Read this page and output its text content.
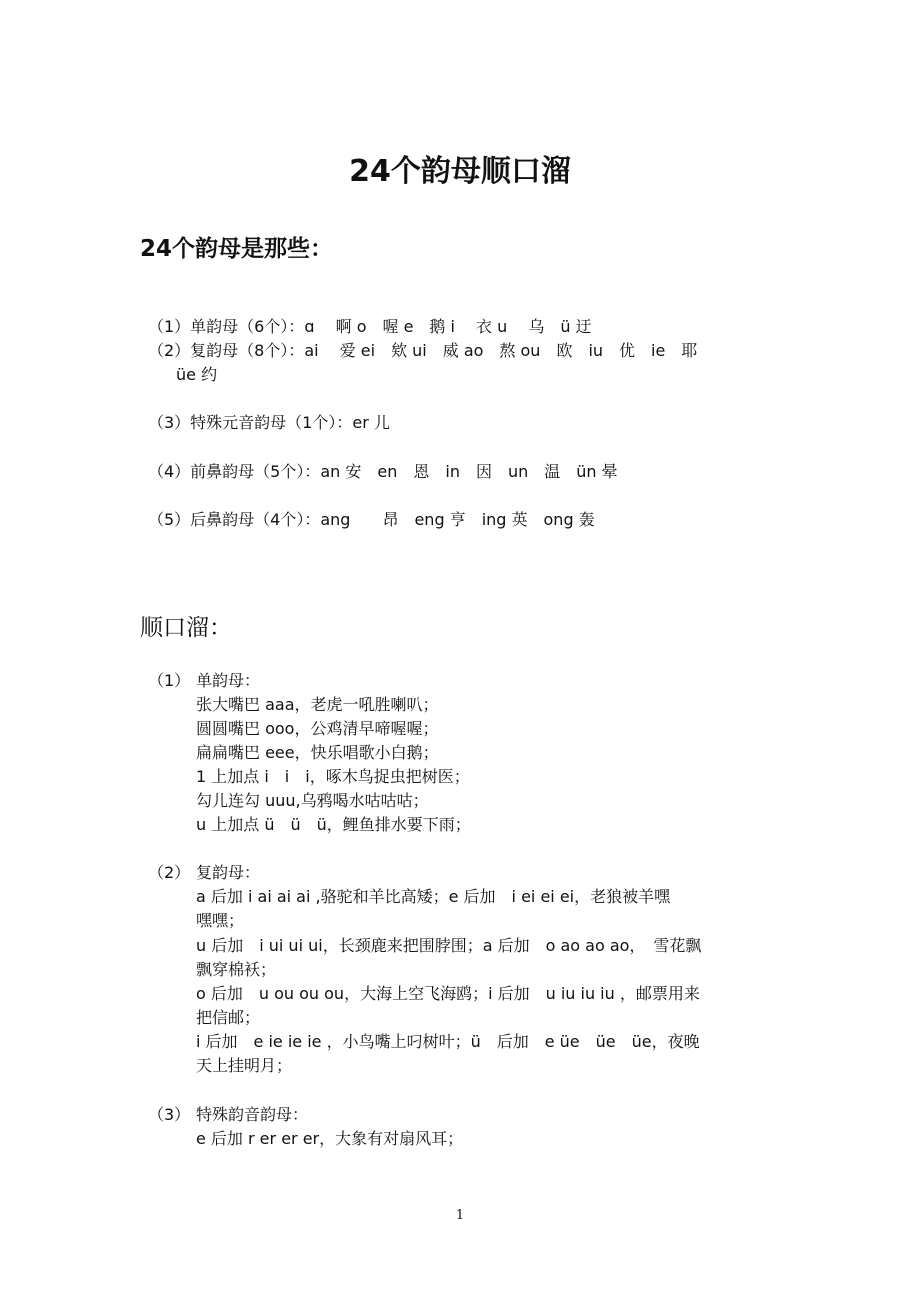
24个韵母顺口溜
24个韵母是那些：
（1）单韵母（6个）：ɑ　 啊 o　喔 e　鹅 i　 衣 u　 乌　ü 迂
（2）复韵母（8个）：ai　 爱 ei　欸 ui　威 ao　熬 ou　欧　iu　优　ie　耶
üe 约
（3）特殊元音韵母（1个）：er 儿
（4）前鼻韵母（5个）：an 安　en　恩　in　因　un　温　ün 晕
（5）后鼻韵母（4个）：ang　　昂　eng 亨　ing 英　ong 轰
顺口溜：
（1） 单韵母：
张大嘴巴 aaa，老虎一吼胜喇叭；
圆圆嘴巴 ooo，公鸡清早啼喔喔；
扁扁嘴巴 eee，快乐唱歌小白鹅；
1 上加点 i　i　i，啄木鸟捉虫把树医；
勾儿连勾 uuu,乌鸦喝水咕咕咕；
u 上加点 ü　ü　ü，鲤鱼排水要下雨；
（2） 复韵母：
a 后加 i ai ai ai ,骆驼和羊比高矮；e 后加　i ei ei ei，老狼被羊嘿
嘿嘿；
u 后加　i ui ui ui，长颈鹿来把围脖围；a 后加　o ao ao ao，　雪花飘
飘穿棉袄；
o 后加　u ou ou ou，大海上空飞海鸥；i 后加　u iu iu iu ，邮票用来
把信邮；
i 后加　e ie ie ie ，小鸟嘴上叼树叶；ü　后加　e üe　üe　üe，夜晚
天上挂明月；
（3） 特殊韵音韵母：
e 后加 r er er er，大象有对扇风耳；
1
